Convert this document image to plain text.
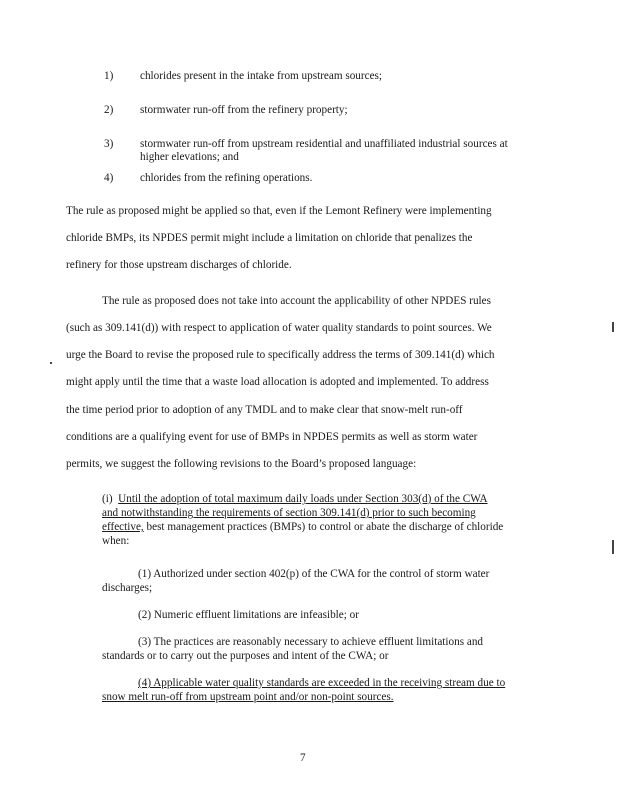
1) chlorides present in the intake from upstream sources;
2) stormwater run-off from the refinery property;
3) stormwater run-off from upstream residential and unaffiliated industrial sources at
higher elevations; and
4) chlorides from the refining operations.
The rule as proposed might be applied so that, even if the Lemont Refinery were implementing
chloride BMPs, its NPDES permit might include a limitation on chloride that penalizes the
refinery for those upstream discharges of chloride.
The rule as proposed does not take into account the applicability of other NPDES rules
(such as 309.141(d)) with respect to application of water quality standards to point sources. We
urge the Board to revise the proposed rule to specifically address the terms of 309.141(d) which
might apply until the time that a waste load allocation is adopted and implemented. To address
the time period prior to adoption of any TMDL and to make clear that snow-melt run-off
conditions are a qualifying event for use of BMPs in NPDES permits as well as storm water
permits, we suggest the following revisions to the Board’s proposed language:
(i) Until the adoption of total maximum daily loads under Section 303(d) of the CWA
and notwithstanding the requirements of section 309.141(d) prior to such becoming
effective, best management practices (BMPs) to control or abate the discharge of chloride
when:
(1) Authorized under section 402(p) of the CWA for the control of storm water
discharges;
(2) Numeric effluent limitations are infeasible; or
(3) The practices are reasonably necessary to achieve effluent limitations and
standards or to carry out the purposes and intent of the CWA; or
(4) Applicable water quality standards are exceeded in the receiving stream due to
snow melt run-off from upstream point and/or non-point sources.
7
